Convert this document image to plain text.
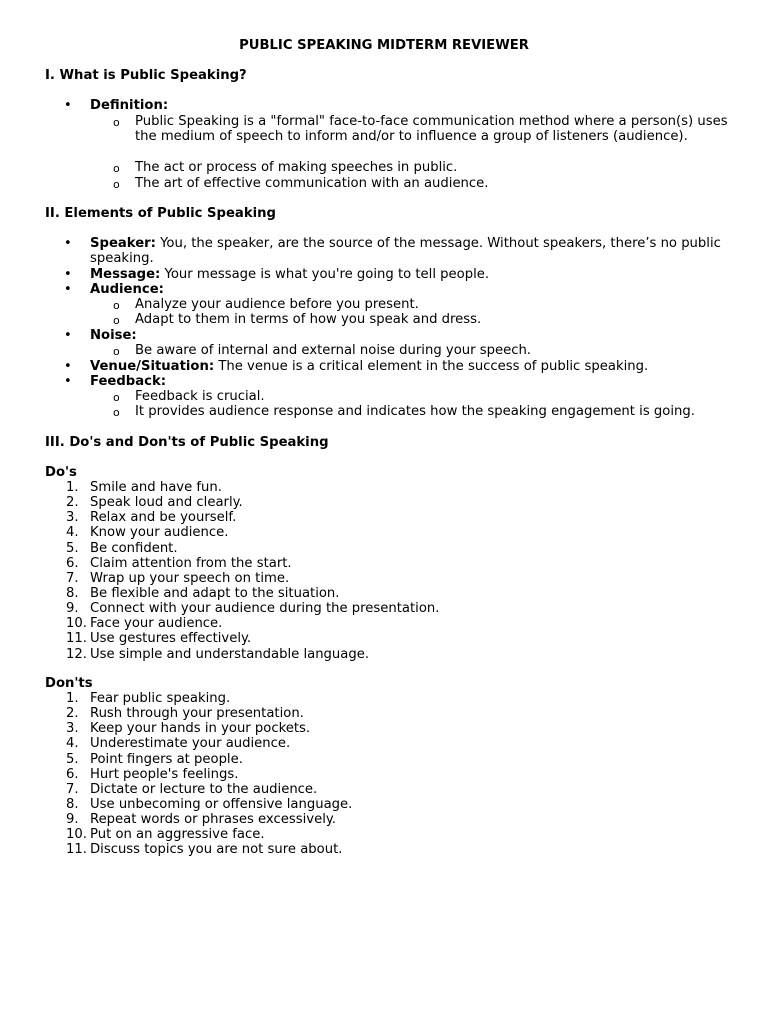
PUBLIC SPEAKING MIDTERM REVIEWER
I. What is Public Speaking?
• Definition:
o Public Speaking is a "formal" face-to-face communication method where a person(s) uses the medium of speech to inform and/or to influence a group of listeners (audience).
o The act or process of making speeches in public.
o The art of effective communication with an audience.
II. Elements of Public Speaking
• Speaker: You, the speaker, are the source of the message. Without speakers, there’s no public speaking.
• Message: Your message is what you're going to tell people.
• Audience:
o Analyze your audience before you present.
o Adapt to them in terms of how you speak and dress.
• Noise:
o Be aware of internal and external noise during your speech.
• Venue/Situation: The venue is a critical element in the success of public speaking.
• Feedback:
o Feedback is crucial.
o It provides audience response and indicates how the speaking engagement is going.
III. Do's and Don'ts of Public Speaking
Do's
1. Smile and have fun.
2. Speak loud and clearly.
3. Relax and be yourself.
4. Know your audience.
5. Be confident.
6. Claim attention from the start.
7. Wrap up your speech on time.
8. Be flexible and adapt to the situation.
9. Connect with your audience during the presentation.
10. Face your audience.
11. Use gestures effectively.
12. Use simple and understandable language.
Don'ts
1. Fear public speaking.
2. Rush through your presentation.
3. Keep your hands in your pockets.
4. Underestimate your audience.
5. Point fingers at people.
6. Hurt people's feelings.
7. Dictate or lecture to the audience.
8. Use unbecoming or offensive language.
9. Repeat words or phrases excessively.
10. Put on an aggressive face.
11. Discuss topics you are not sure about.
